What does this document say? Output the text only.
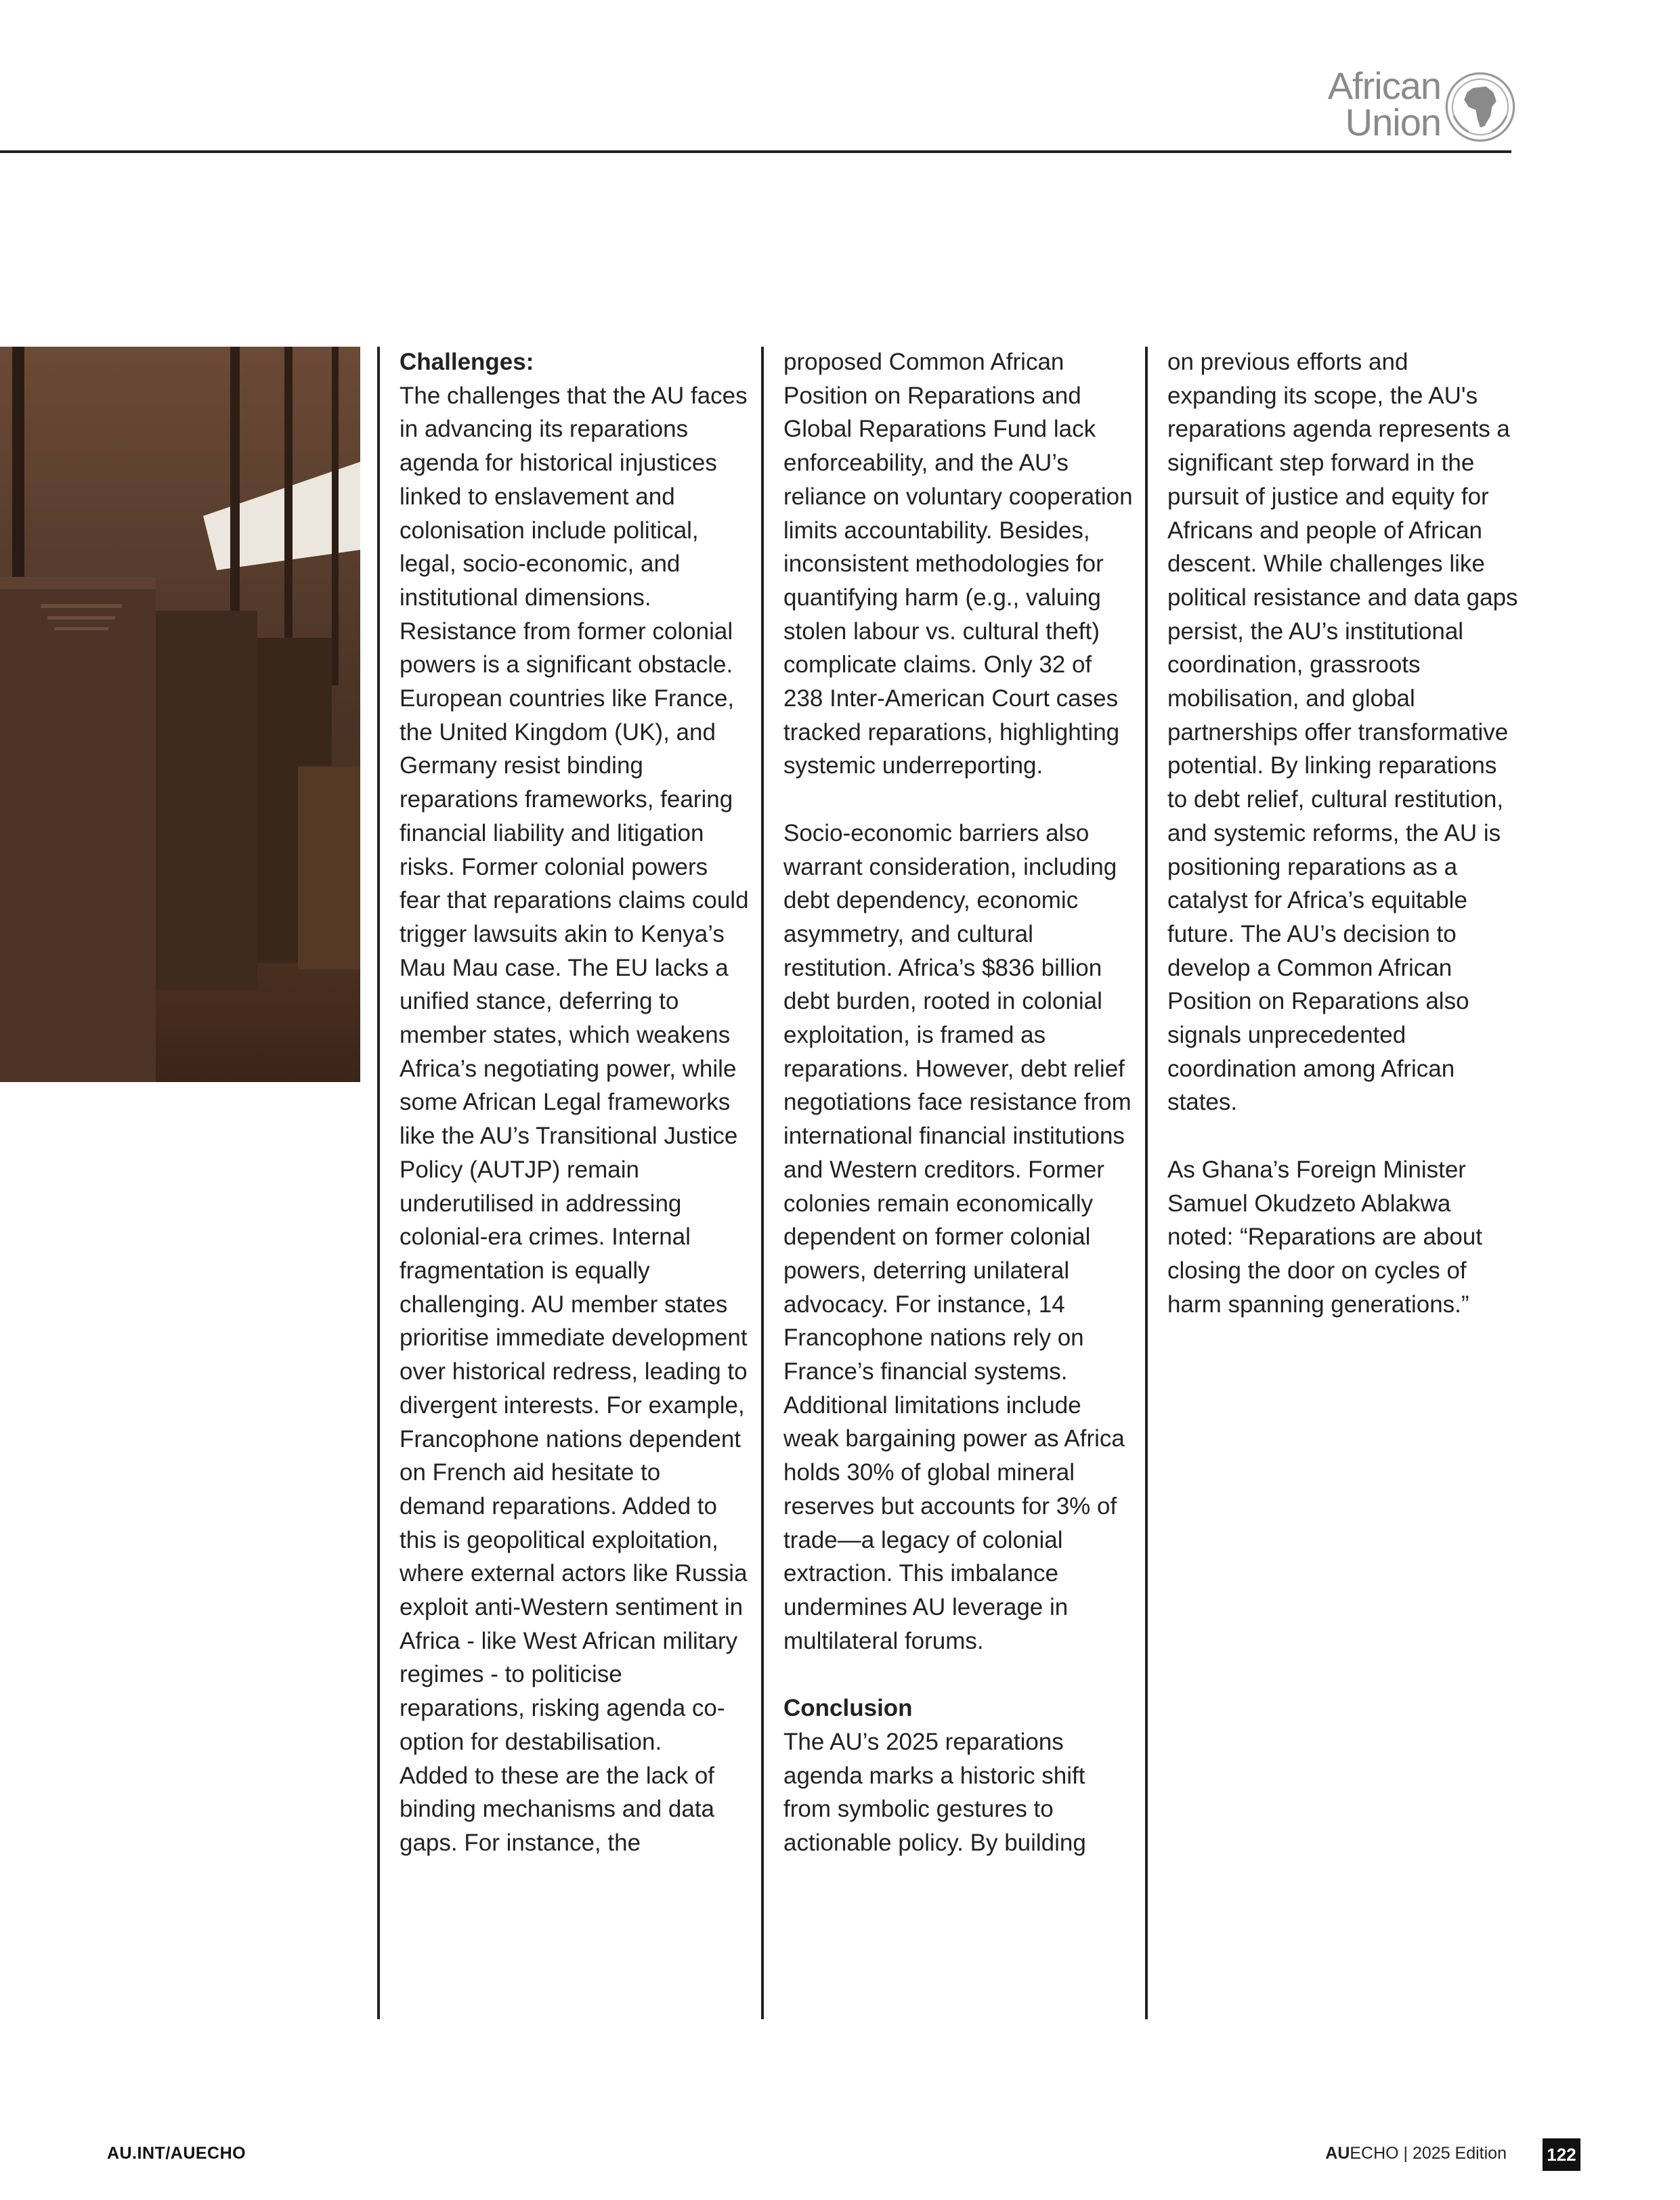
African
Union

Challenges:

The challenges that the AU faces in advancing its reparations agenda for historical injustices linked to enslavement and colonisation include political, legal, socio-economic, and institutional dimensions. Resistance from former colonial powers is a significant obstacle. European countries like France, the United Kingdom (UK), and Germany resist binding reparations frameworks, fearing financial liability and litigation risks. Former colonial powers fear that reparations claims could trigger lawsuits akin to Kenya’s Mau Mau case. The EU lacks a unified stance, deferring to member states, which weakens Africa’s negotiating power, while some African Legal frameworks like the AU’s Transitional Justice Policy (AUTJP) remain underutilised in addressing colonial-era crimes. Internal fragmentation is equally challenging. AU member states prioritise immediate development over historical redress, leading to divergent interests. For example, Francophone nations dependent on French aid hesitate to demand reparations. Added to this is geopolitical exploitation, where external actors like Russia exploit anti-Western sentiment in Africa - like West African military regimes - to politicise reparations, risking agenda co-option for destabilisation.

Added to these are the lack of binding mechanisms and data gaps. For instance, the

proposed Common African Position on Reparations and Global Reparations Fund lack enforceability, and the AU’s reliance on voluntary cooperation limits accountability. Besides, inconsistent methodologies for quantifying harm (e.g., valuing stolen labour vs. cultural theft) complicate claims. Only 32 of 238 Inter-American Court cases tracked reparations, highlighting systemic underreporting.

Socio-economic barriers also warrant consideration, including debt dependency, economic asymmetry, and cultural restitution. Africa’s $836 billion debt burden, rooted in colonial exploitation, is framed as reparations. However, debt relief negotiations face resistance from international financial institutions and Western creditors. Former colonies remain economically dependent on former colonial powers, deterring unilateral advocacy. For instance, 14 Francophone nations rely on France’s financial systems. Additional limitations include weak bargaining power as Africa holds 30% of global mineral reserves but accounts for 3% of trade—a legacy of colonial extraction. This imbalance undermines AU leverage in multilateral forums.

Conclusion

The AU’s 2025 reparations agenda marks a historic shift from symbolic gestures to actionable policy. By building

on previous efforts and expanding its scope, the AU's reparations agenda represents a significant step forward in the pursuit of justice and equity for Africans and people of African descent. While challenges like political resistance and data gaps persist, the AU’s institutional coordination, grassroots mobilisation, and global partnerships offer transformative potential. By linking reparations to debt relief, cultural restitution, and systemic reforms, the AU is positioning reparations as a catalyst for Africa’s equitable future. The AU’s decision to develop a Common African Position on Reparations also signals unprecedented coordination among African states.

As Ghana’s Foreign Minister Samuel Okudzeto Ablakwa noted: “Reparations are about closing the door on cycles of harm spanning generations.”

AU.INT/AUECHO	AUECHO | 2025 Edition 122
